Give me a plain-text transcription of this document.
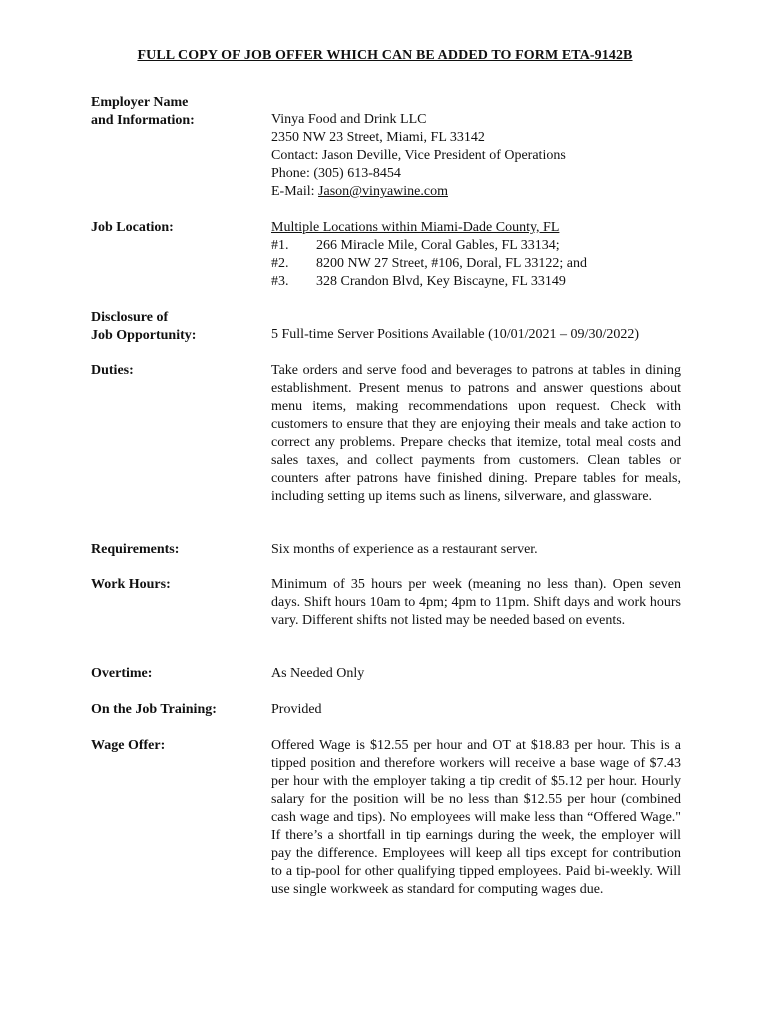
FULL COPY OF JOB OFFER WHICH CAN BE ADDED TO FORM ETA-9142B
Employer Name
and Information:	Vinya Food and Drink LLC
2350 NW 23 Street, Miami, FL 33142
Contact: Jason Deville, Vice President of Operations
Phone: (305) 613-8454
E-Mail: Jason@vinyawine.com
Job Location:	Multiple Locations within Miami-Dade County, FL
#1. 266 Miracle Mile, Coral Gables, FL 33134;
#2. 8200 NW 27 Street, #106, Doral, FL 33122; and
#3. 328 Crandon Blvd, Key Biscayne, FL 33149
Disclosure of
Job Opportunity:	5 Full-time Server Positions Available (10/01/2021 – 09/30/2022)
Duties:	Take orders and serve food and beverages to patrons at tables in dining establishment. Present menus to patrons and answer questions about menu items, making recommendations upon request. Check with customers to ensure that they are enjoying their meals and take action to correct any problems. Prepare checks that itemize, total meal costs and sales taxes, and collect payments from customers. Clean tables or counters after patrons have finished dining. Prepare tables for meals, including setting up items such as linens, silverware, and glassware.
Requirements:	Six months of experience as a restaurant server.
Work Hours:	Minimum of 35 hours per week (meaning no less than). Open seven days. Shift hours 10am to 4pm; 4pm to 11pm. Shift days and work hours vary. Different shifts not listed may be needed based on events.
Overtime:	As Needed Only
On the Job Training:	Provided
Wage Offer:	Offered Wage is $12.55 per hour and OT at $18.83 per hour. This is a tipped position and therefore workers will receive a base wage of $7.43 per hour with the employer taking a tip credit of $5.12 per hour. Hourly salary for the position will be no less than $12.55 per hour (combined cash wage and tips). No employees will make less than “Offered Wage." If there’s a shortfall in tip earnings during the week, the employer will pay the difference. Employees will keep all tips except for contribution to a tip-pool for other qualifying tipped employees. Paid bi-weekly. Will use single workweek as standard for computing wages due.
